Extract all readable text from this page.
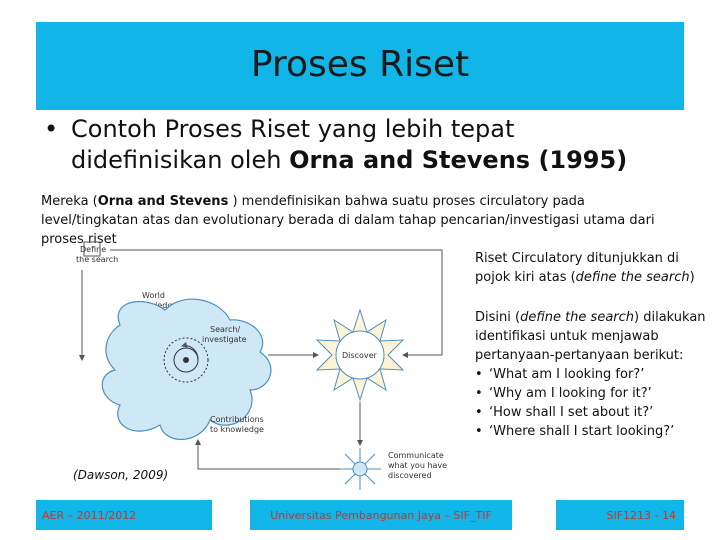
Proses Riset
• Contoh Proses Riset yang lebih tepat
didefinisikan oleh Orna and Stevens (1995)
Mereka (Orna and Stevens ) mendefinisikan bahwa suatu proses circulatory pada level/tingkatan atas dan evolutionary berada di dalam tahap pencarian/investigasi utama dari proses riset
Define
the search
World
Search/
investigate
Contributions
to knowledge
Discover
Communicate
what you have
discovered
Riset Circulatory ditunjukkan di pojok kiri atas (define the search)
Disini (define the search) dilakukan identifikasi untuk menjawab pertanyaan-pertanyaan berikut:
• ‘What am I looking for?’
• ‘Why am I looking for it?’
• ‘How shall I set about it?’
• ‘Where shall I start looking?’
(Dawson, 2009)
AER – 2011/2012	Universitas Pembangunan Jaya – SIF_TIF	SIF1213 - 14
